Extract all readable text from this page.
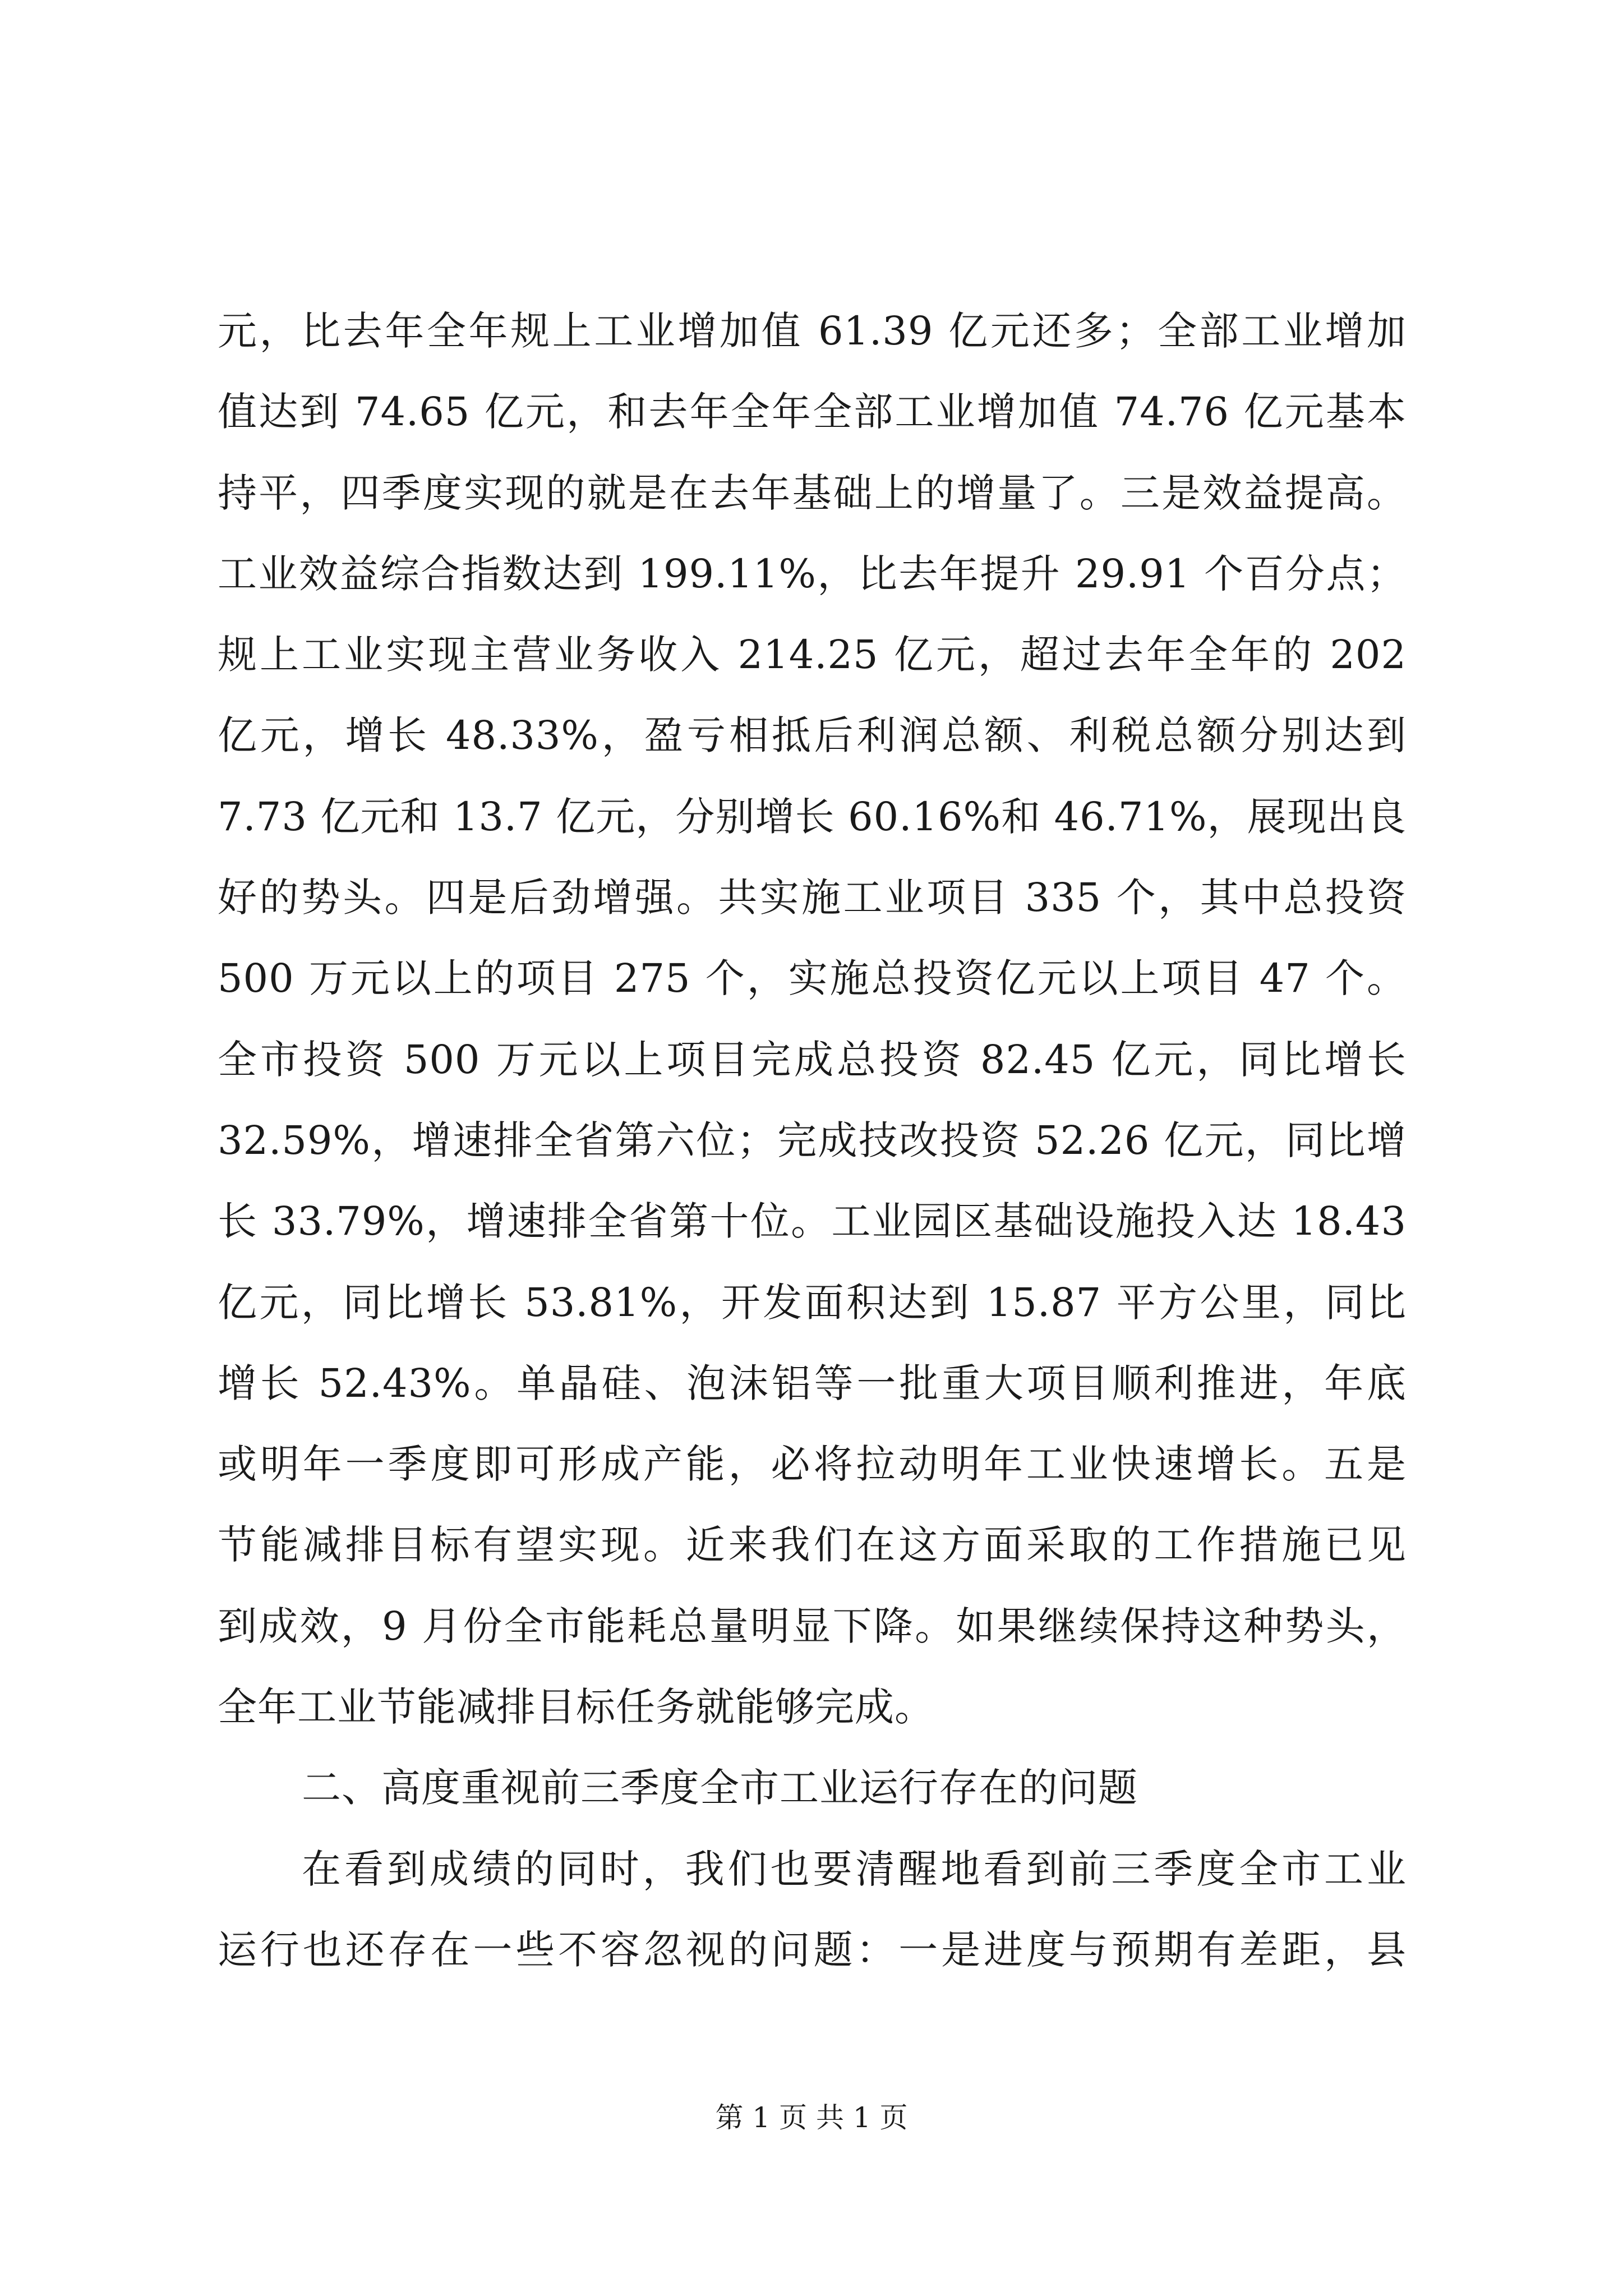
元，比去年全年规上工业增加值 61.39 亿元还多；全部工业增加
值达到 74.65 亿元，和去年全年全部工业增加值 74.76 亿元基本
持平，四季度实现的就是在去年基础上的增量了。三是效益提高。
工业效益综合指数达到 199.11%，比去年提升 29.91 个百分点；
规上工业实现主营业务收入 214.25 亿元，超过去年全年的 202
亿元，增长 48.33%，盈亏相抵后利润总额、利税总额分别达到
7.73 亿元和 13.7 亿元，分别增长 60.16%和 46.71%，展现出良
好的势头。四是后劲增强。共实施工业项目 335 个，其中总投资
500 万元以上的项目 275 个，实施总投资亿元以上项目 47 个。
全市投资 500 万元以上项目完成总投资 82.45 亿元，同比增长
32.59%，增速排全省第六位；完成技改投资 52.26 亿元，同比增
长 33.79%，增速排全省第十位。工业园区基础设施投入达 18.43
亿元，同比增长 53.81%，开发面积达到 15.87 平方公里，同比
增长 52.43%。单晶硅、泡沫铝等一批重大项目顺利推进，年底
或明年一季度即可形成产能，必将拉动明年工业快速增长。五是
节能减排目标有望实现。近来我们在这方面采取的工作措施已见
到成效，9 月份全市能耗总量明显下降。如果继续保持这种势头，
全年工业节能减排目标任务就能够完成。
二、高度重视前三季度全市工业运行存在的问题
在看到成绩的同时，我们也要清醒地看到前三季度全市工业
运行也还存在一些不容忽视的问题：一是进度与预期有差距，县
第 1 页 共 1 页
